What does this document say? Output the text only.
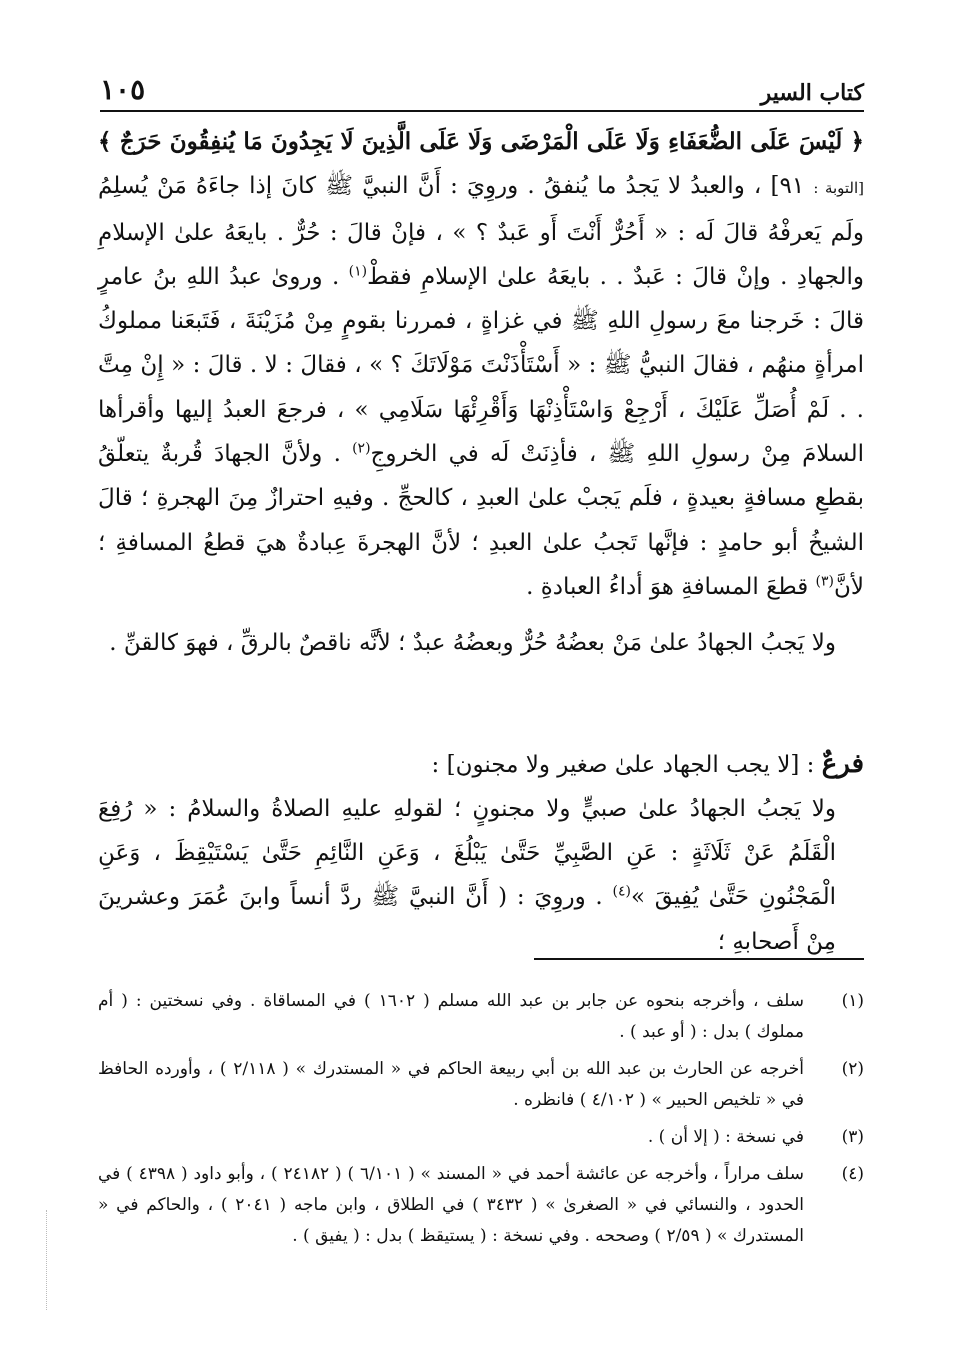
١٠٥	كتاب السير

﴿ لَيْسَ عَلَى الضُّعَفَاءِ وَلَا عَلَى الْمَرْضَى وَلَا عَلَى الَّذِينَ لَا يَجِدُونَ مَا يُنفِقُونَ حَرَجٌ ﴾ [التوبة : ٩١] ، والعبدُ لا يَجدُ ما يُنفقُ . وروِيَ : أَنَّ النبيَّ ﷺ كانَ إذا جاءَهُ مَنْ يُسلِمُ ولَم يَعرفْهُ قالَ لَه : « أَحُرٌّ أَنْتَ أَو عَبدٌ ؟ » ، فإنْ قالَ : حُرٌّ . بايعَهُ علىٰ الإسلامِ والجهادِ . وإنْ قالَ : عَبدٌ . . بايعَهُ علىٰ الإسلامِ فقطْ$^{(١)}$ . وروىٰ عبدُ اللهِ بنُ عامرٍ قالَ : خَرجنا معَ رسولِ اللهِ ﷺ في غزاةٍ ، فمررنا بقومٍ مِنْ مُزَيْنَةَ ، فَتَبعَنا مملوكُ امرأةٍ منهُم ، فقالَ النبيُّ ﷺ : « أَسْتَأْذَنْتَ مَوْلَاتَكَ ؟ » ، فقالَ : لا . قالَ : « إِنْ مِتَّ . . لَمْ أُصَلِّ عَلَيْكَ ، أَرْجِعْ وَاسْتَأْذِنْهَا وَأَقْرِئْهَا سَلَامِي » ، فرجعَ العبدُ إليها وأقرأها السلامَ مِنْ رسولِ اللهِ ﷺ ، فأذِنَتْ لَه في الخروجِ$^{(٢)}$ . ولأنَّ الجهادَ قُربةٌ يتعلّقُ بقطعِ مسافةٍ بعيدةٍ ، فلَم يَجبْ علىٰ العبدِ ، كالحجِّ . وفيهِ احترازٌ مِنَ الهجرةِ ؛ قالَ الشيخُ أبو حامدٍ : فإنَّها تَجبُ علىٰ العبدِ ؛ لأنَّ الهجرةَ عِبادةٌ هيَ قطعُ المسافةِ ؛ لأنَّ$^{(٣)}$ قطعَ المسافةِ هوَ أداءُ العبادةِ .

ولا يَجبُ الجهادُ علىٰ مَنْ بعضُهُ حُرٌّ وبعضُهُ عبدٌ ؛ لأنَّه ناقصٌ بالرقِّ ، فهوَ كالقنِّ .

فرعٌ : [لا يجب الجهاد علىٰ صغير ولا مجنون] :

ولا يَجبُ الجهادُ علىٰ صبيٍّ ولا مجنونٍ ؛ لقولهِ عليهِ الصلاةُ والسلامُ : « رُفِعَ الْقَلَمُ عَنْ ثَلَاثَةٍ : عَنِ الصَّبِيِّ حَتَّىٰ يَبْلُغَ ، وَعَنِ النَّائِمِ حَتَّىٰ يَسْتَيْقِظَ ، وَعَنِ الْمَجْنُونِ حَتَّىٰ يُفِيقَ »$^{(٤)}$ . وروِيَ : ( أَنَّ النبيَّ ﷺ ردَّ أنساً وابنَ عُمَرَ وعشرينَ مِنْ أَصحابهِ ؛

(١)
سلف ، وأخرجه بنحوه عن جابر بن عبد الله مسلم ( ١٦٠٢ ) في المساقاة . وفي نسختين : ( أم مملوك ) بدل : ( أو عبد ) .
(٢)
أخرجه عن الحارث بن عبد الله بن أبي ربيعة الحاكم في « المستدرك » ( ٢/١١٨ ) ، وأورده الحافظ في « تلخيص الحبير » ( ٤/١٠٢ ) فانظره .
(٣)
في نسخة : ( إلا أن ) .
(٤)
سلف مراراً ، وأخرجه عن عائشة أحمد في « المسند » ( ٦/١٠١ ) ( ٢٤١٨٢ ) ، وأبو داود ( ٤٣٩٨ ) في الحدود ، والنسائي في « الصغرىٰ » ( ٣٤٣٢ ) في الطلاق ، وابن ماجه ( ٢٠٤١ ) ، والحاكم في « المستدرك » ( ٢/٥٩ ) وصححه . وفي نسخة : ( يستيقظ ) بدل : ( يفيق ) .
